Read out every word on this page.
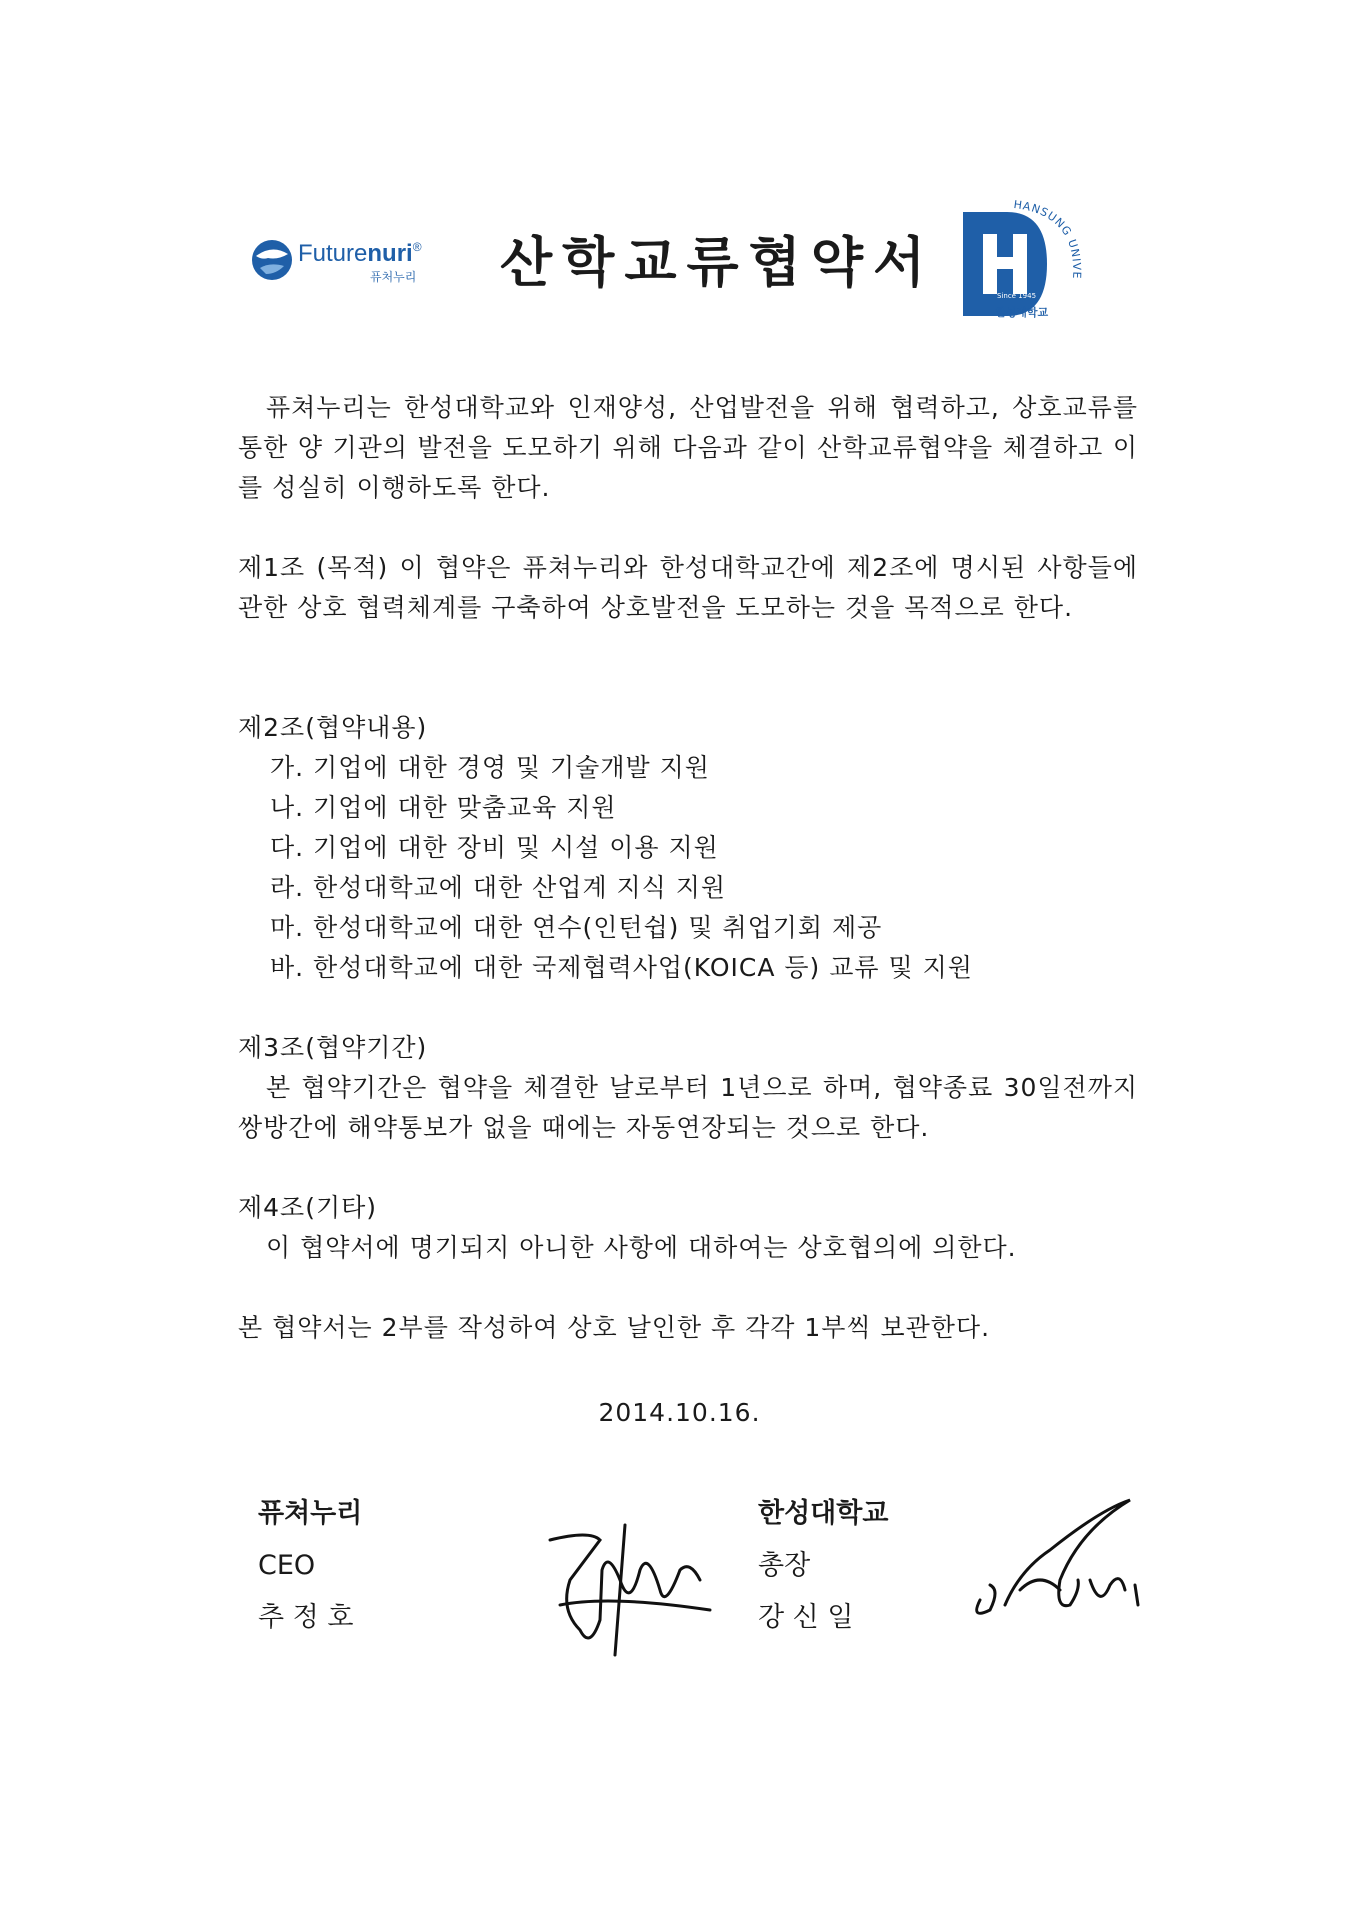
Futurenuri®
퓨처누리 산학교류협약서
HANSUNG UNIVE
Since 1945
한성대학교
퓨쳐누리는 한성대학교와 인재양성, 산업발전을 위해 협력하고, 상호교류를 통한 양 기관의 발전을 도모하기 위해 다음과 같이 산학교류협약을 체결하고 이를 성실히 이행하도록 한다.
제1조 (목적) 이 협약은 퓨쳐누리와 한성대학교간에 제2조에 명시된 사항들에 관한 상호 협력체계를 구축하여 상호발전을 도모하는 것을 목적으로 한다.
제2조(협약내용)
가. 기업에 대한 경영 및 기술개발 지원
나. 기업에 대한 맞춤교육 지원
다. 기업에 대한 장비 및 시설 이용 지원
라. 한성대학교에 대한 산업계 지식 지원
마. 한성대학교에 대한 연수(인턴쉽) 및 취업기회 제공
바. 한성대학교에 대한 국제협력사업(KOICA 등) 교류 및 지원
제3조(협약기간)
본 협약기간은 협약을 체결한 날로부터 1년으로 하며, 협약종료 30일전까지 쌍방간에 해약통보가 없을 때에는 자동연장되는 것으로 한다.
제4조(기타)
이 협약서에 명기되지 아니한 사항에 대하여는 상호협의에 의한다.
본 협약서는 2부를 작성하여 상호 날인한 후 각각 1부씩 보관한다.
2014.10.16.
퓨쳐누리
CEO
추 정 호
한성대학교
총장
강 신 일
